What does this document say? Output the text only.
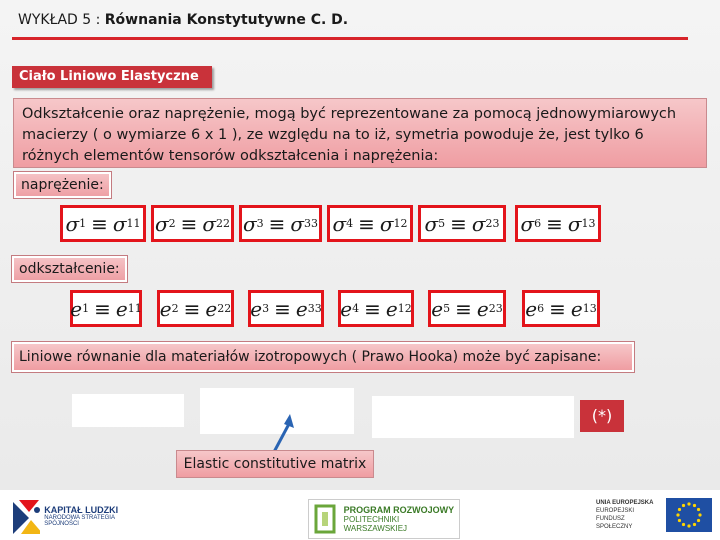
WYKŁAD 5 : Równania Konstytutywne C. D.
Ciało Liniowo Elastyczne
Odkształcenie oraz naprężenie, mogą być reprezentowane za pomocą jednowymiarowych macierzy ( o wymiarze 6 x 1 ), ze względu na to iż, symetria powoduje że, jest tylko 6 różnych elementów tensorów odkształcenia i naprężenia:
naprężenie:
σ 1 ≡ σ 11 σ 2 ≡ σ 22 σ 3 ≡ σ 33 σ 4 ≡ σ 12 σ 5 ≡ σ 23 σ 6 ≡ σ 13
odkształcenie:
e 1 ≡ e 11 e 2 ≡ e 22 e 3 ≡ e 33 e 4 ≡ e 12 e 5 ≡ e 23 e 6 ≡ e 13
Liniowe równanie dla materiałów izotropowych ( Prawo Hooka) może być zapisane:
(*)
Elastic constitutive matrix
KAPITAŁ LUDZKI
NARODOWA STRATEGIA SPÓJNOŚCI
PROGRAM ROZWOJOWY
POLITECHNIKI WARSZAWSKIEJ
UNIA EUROPEJSKA
EUROPEJSKI
FUNDUSZ SPOŁECZNY
